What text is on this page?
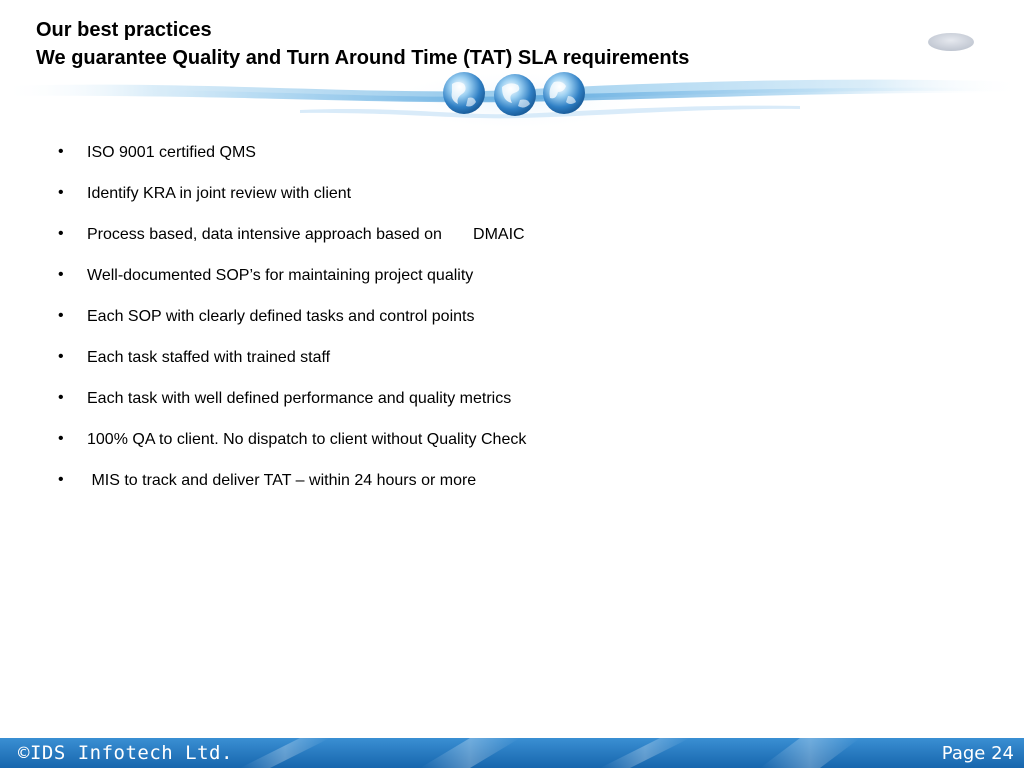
Our best practices
We guarantee Quality and Turn Around Time (TAT) SLA requirements
•	ISO 9001 certified QMS
•	Identify KRA in joint review with client
•	Process based, data intensive approach based on       DMAIC
•	Well-documented SOP’s for maintaining project quality
•	Each SOP with clearly defined tasks and control points
•	Each task staffed with trained staff
•	Each task with well defined performance and quality metrics
•	100% QA to client. No dispatch to client without Quality Check
•	MIS to track and deliver TAT – within 24 hours or more
©IDS Infotech Ltd.	Page 24
